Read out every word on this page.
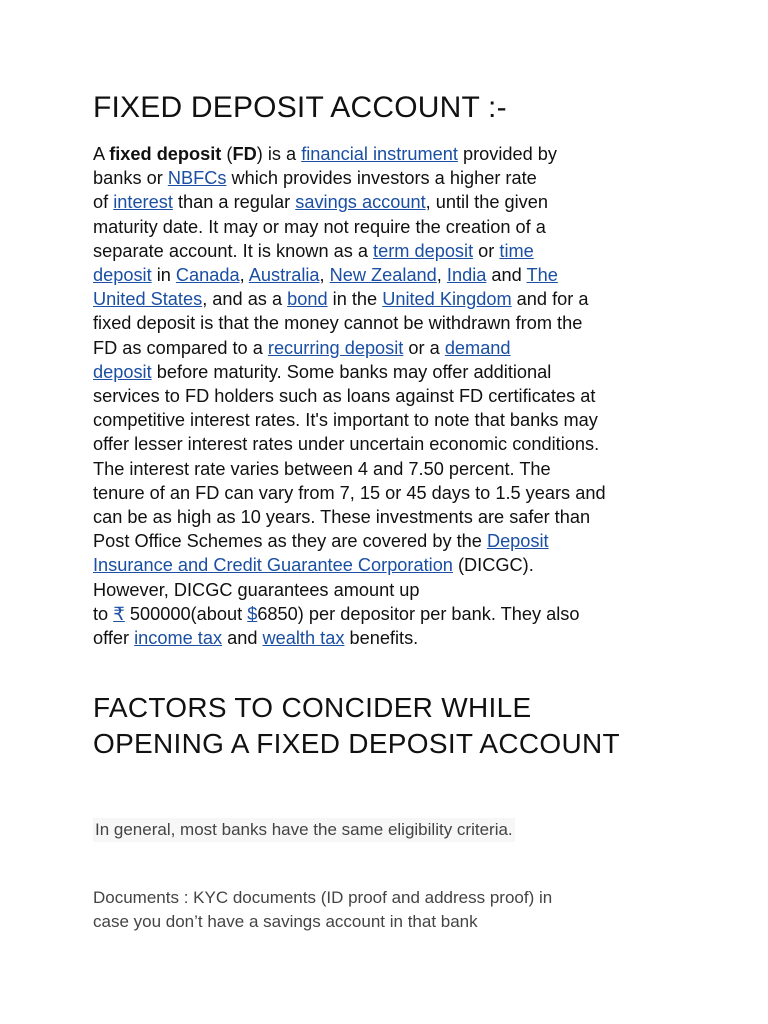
FIXED DEPOSIT ACCOUNT :-

A fixed deposit (FD) is a financial instrument provided by
banks or NBFCs which provides investors a higher rate
of interest than a regular savings account, until the given
maturity date. It may or may not require the creation of a
separate account. It is known as a term deposit or time
deposit in Canada, Australia, New Zealand, India and The
United States, and as a bond in the United Kingdom and for a
fixed deposit is that the money cannot be withdrawn from the
FD as compared to a recurring deposit or a demand
deposit before maturity. Some banks may offer additional
services to FD holders such as loans against FD certificates at
competitive interest rates. It's important to note that banks may
offer lesser interest rates under uncertain economic conditions.
The interest rate varies between 4 and 7.50 percent. The
tenure of an FD can vary from 7, 15 or 45 days to 1.5 years and
can be as high as 10 years. These investments are safer than
Post Office Schemes as they are covered by the Deposit
Insurance and Credit Guarantee Corporation (DICGC).
However, DICGC guarantees amount up
to ₹ 500000(about $6850) per depositor per bank. They also
offer income tax and wealth tax benefits.

FACTORS TO CONCIDER WHILE
OPENING A FIXED DEPOSIT ACCOUNT
In general, most banks have the same eligibility criteria.
Documents : KYC documents (ID proof and address proof) in
case you don’t have a savings account in that bank
